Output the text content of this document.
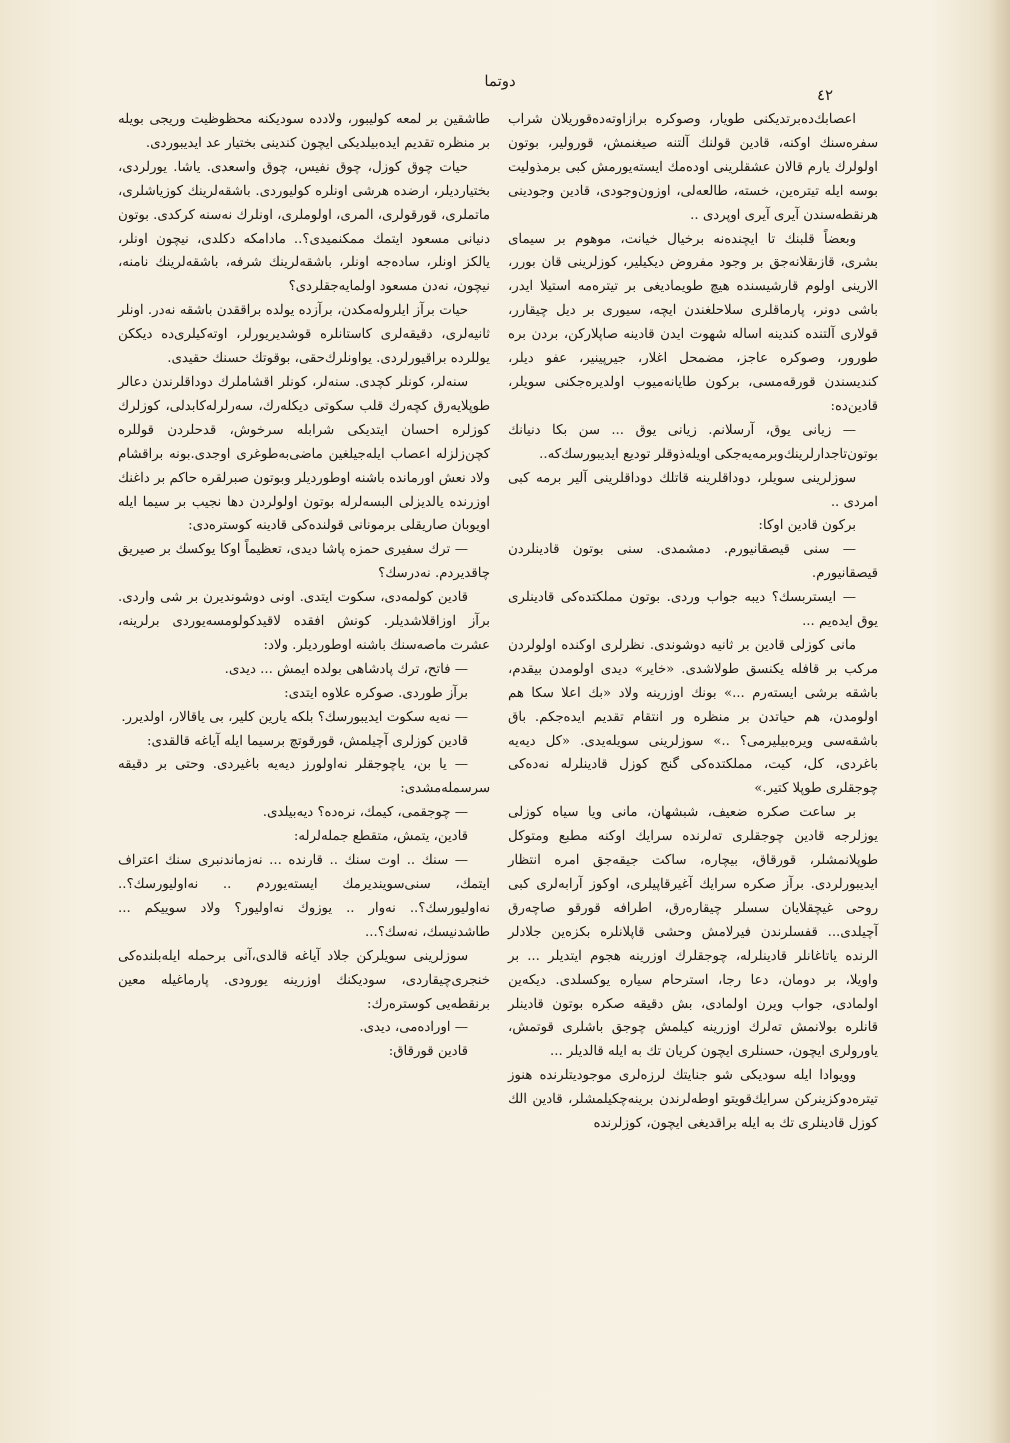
دوتما
٤٢

اعصابك‌دەبرتدیكنی طویار، وصوكرە برازاوتەدەقوریلان شراب سفرەسنك اوكنە، قادین قولنك آلتنە صیغنمش، قورولیر، بوتون اولولرك یارم قالان عشقلرینی اودەمك ایستەیورمش كبی برمذولیت بوسە ایلە تیترەین، خستە، طالعەلی، اوزون‌وجودی، قادین وجودینی هرنقطەسندن آیری آیری اوپردی ..

وبعضاً قلبنك تا ایچندەنە برخیال خیانت، موهوم بر سیمای بشری، قازىقلانەجق بر وجود مفروض دیكیلیر، كوزلرینی قان بورر، الارینی اولوم قارشیسندە هیچ طویمادیغی بر تیترەمە استیلا ایدر، باشی دونر، پارماقلری سلاحلغندن ایچە، سیوری بر دیل چیقارر، قولاری آلتندە كندینە اسالە شهوت ایدن قادینە صاپلاركن، بردن برە طورور، وصوكرە عاجز، مضمحل اغلار، جیرپینیر، عفو دیلر، كندیسندن قورقەمسی، بركون طایانەمیوب اولدیرەجكنی سویلر، قادین‌دە:

— زیانی یوق، آرسلانم. زیانی یوق ... سن بكا دنیانك بوتون‌تاجدارلرینك‌وبرمەیەجكی اویلەذوقلر تودیع ایدیبورسك‌كە..

سوزلرینی سویلر، دوداقلرینە قاتلك دوداقلرینی آلیر برمە كبی امردی ..

بركون قادین اوكا:

— سنی قیصقانیورم. دمشمدی. سنی بوتون قادینلردن قیصقانیورم.

— ایستربسك؟ دیبە جواب وردی. بوتون مملكتدەكی قادینلری یوق ایدەیم ...

مانی كوزلی قادین بر ثانیە دوشوندی. نظرلری اوكندە اولولردن مركب بر قافلە یكنسق طولاشدی. «خایر» دیدی اولومدن بیقدم، باشقە برشی ایستەرم ...» بونك اوزرینە ولاد «بك اعلا سكا هم اولومدن، هم حیاتدن بر منظرە ور انتقام تقدیم ایدەجكم. باق باشقەسی ویرەبیلیرمی؟ ..» سوزلرینی سویلەیدی. «كل دیەیە باغردی، كل، كیت، مملكتدەكی گنج كوزل قادینلرلە نەدەكی چوجقلری طوپلا كتیر.»

بر ساعت صكرە ضعیف، شبشهان، مانی ویا سیاه كوزلی یوزلرجە قادین چوجقلری تەلرندە سرایك اوكنە مطبع ومتوكل طوپلانمشلر، قورقاق، بیچارە، ساكت جیقەجق امرە انتظار ایدیبورلردی. برآز صكرە سرایك آغیرقاپیلری، اوكوز آرابەلری كبی روحی غیچقلایان سسلر چیقارەرق، اطرافە قورقو صاچەرق آچیلدی... قفسلرندن فیرلامش وحشی قاپلانلرە بكزەین جلادلر الرندە یاتاغانلر قادینلرلە، چوجقلرك اوزرینە هجوم ایتدیلر ... بر واویلا، بر دومان، دعا رجا، استرحام سیارە یوكسلدی. دیكەین اولمادی، جواب ویرن اولمادی، بش دقیقە صكرە بوتون قادینلر قانلرە بولانمش تەلرك اوزرینە كیلمش چوجق باشلری قوتمش، یاورولری ایچون، حسنلری ایچون كریان تك بە ایلە قالدیلر ...

وویوادا ایلە سودیكی شو جنایتك لرزەلری موجودیتلرندە هنوز تیترەدوكزینركن سرایك‌قویتو اوطەلرندن برینەچكیلمشلر، قادین الك كوزل قادینلری تك بە ایلە براقدیغی ایچون، كوزلرندە

طاشقین بر لمعە كولیبور، ولاددە سودیكنە محظوظیت وریجی بویلە بر منظرە تقدیم ایدەبیلدیكی ایچون كندینی بختیار عد ایدیبوردی.

حیات چوق كوزل، چوق نفیس، چوق واسعدی. یاشا. یورلردی، بختیاردیلر، ارضدە هرشی اونلرە كولیوردی. باشقەلرینك كوزیاشلری، ماتملری، قورقولری، المری، اولوملری، اونلرك نەسنە كركدی. بوتون دنیانی مسعود ایتمك ممكنمیدی؟.. مادامكە دكلدی، نیچون اونلر، یالكز اونلر، سادەجە اونلر، باشقەلرینك شرفە، باشقەلرینك نامنە، نیچون، نەدن مسعود اولمایەجقلردی؟

حیات برآز ایلرولەمكدن، برآزدە یولدە براققدن باشقە نەدر. اونلر ثانیەلری، دقیقەلری كاستانلرە قوشدیریورلر، اوتەكیلری‌دە دیككن یوللردە براقیورلردی. یواونلرك‌حقی، بوقوتك حسنك حقیدی.

سنەلر، كونلر كچدی. سنەلر، كونلر اقشاملرك دوداقلرندن دعالر طوپلایەرق كچەرك قلب سكوتی دیكلەرك، سەرلرلەكابدلی، كوزلرك كوزلرە احسان ایتدیكی شرابلە سرخوش، قدحلردن قوللرە كچن‌زلزلە اعصاب ایلەجیلغین ماضی‌بەطوغری اوجدی.بونە براقشام ولاد نعش اورماندە باشنە اوطوردیلر وبوتون صبرلقرە حاكم بر داغنك اوزرندە یالدیزلی البسەلرلە بوتون اولولردن دها نجیب بر سیما ایلە اویوبان صاریقلی برمونانی قولندەكی قادینە كوسترەدی:

— ترك سفیری حمزە پاشا دیدی، تعظیماً اوكا یوكسك بر صیریق چاقدیردم. نەدرسك؟

قادین كولمەدی، سكوت ایتدی. اونی دوشوندیرن بر شی واردی. برآز اوزاقلاشدیلر. كونش افقدە لاقیدكولومسەیوردی برلرینە، عشرت ماصەسنك باشنە اوطوردیلر. ولاد:

— فاتح، ترك پادشاهی بولدە ایمش ... دیدی.

برآز طوردی. صوكرە علاوە ایتدی:

— نەیە سكوت ایدیبورسك؟ بلكە یارین كلیر، بی یاقالار، اولدیرر.

قادین كوزلری آچیلمش، قورقوتچ برسیما ایلە آیاغە قالقدی:

— یا بن، یاچوجقلر نەاولورز دیەیە باغیردی. وحتی بر دقیقە سرسملەمشدی:

— چوجقمی، كیمك، نرەدە؟ دیەبیلدی.

قادین، یتمش، متقطع جملەلرلە:

— سنك .. اوت سنك .. قارندە ... نەزماندنبری سنك اعتراف ایتمك، سنی‌سویندیرمك ایستەیوردم .. نەاولیورسك؟.. نەاولیورسك؟.. نەوار .. یوزوك نەاولیور؟ ولاد سوییكم ... طاشدنیسك، نەسك؟...

سوزلرینی سویلركن جلاد آیاغە قالدی،آنی برحملە ایلەبلندەكی خنجری‌چیقاردی، سودیكنك اوزرینە یورودی. پارماغیلە معین برنقطەیی كوسترەرك:

— اوراده‌می، دیدی.

قادین قورقاق:
